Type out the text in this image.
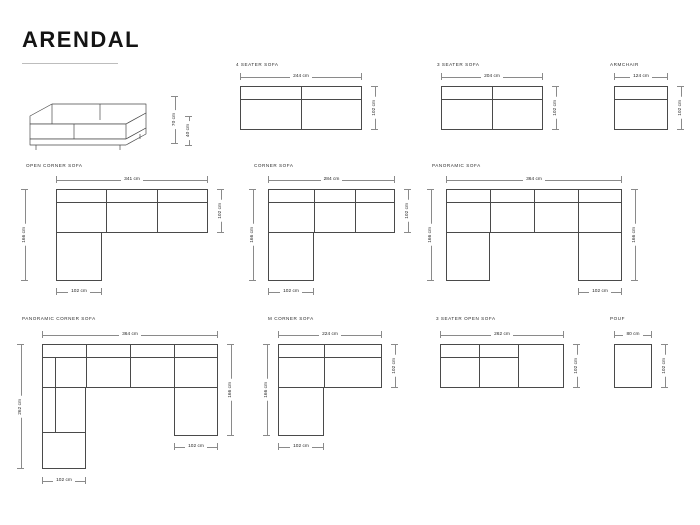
ARENDAL
70 cm
40 cm
4 SEATER SOFA
244 cm
102 cm
3 SEATER SOFA
204 cm
102 cm
ARMCHAIR
124 cm
102 cm
OPEN CORNER SOFA
341 cm
102 cm
166 cm
102 cm
CORNER SOFA
284 cm
102 cm
166 cm
102 cm
PANORAMIC SOFA
364 cm
166 cm	166 cm
102 cm
PANORAMIC CORNER SOFA
364 cm
262 cm
166 cm
102 cm
102 cm
M CORNER SOFA
224 cm
102 cm
166 cm
102 cm
3 SEATER OPEN SOFA
262 cm
102 cm
POUF
80 cm
102 cm
